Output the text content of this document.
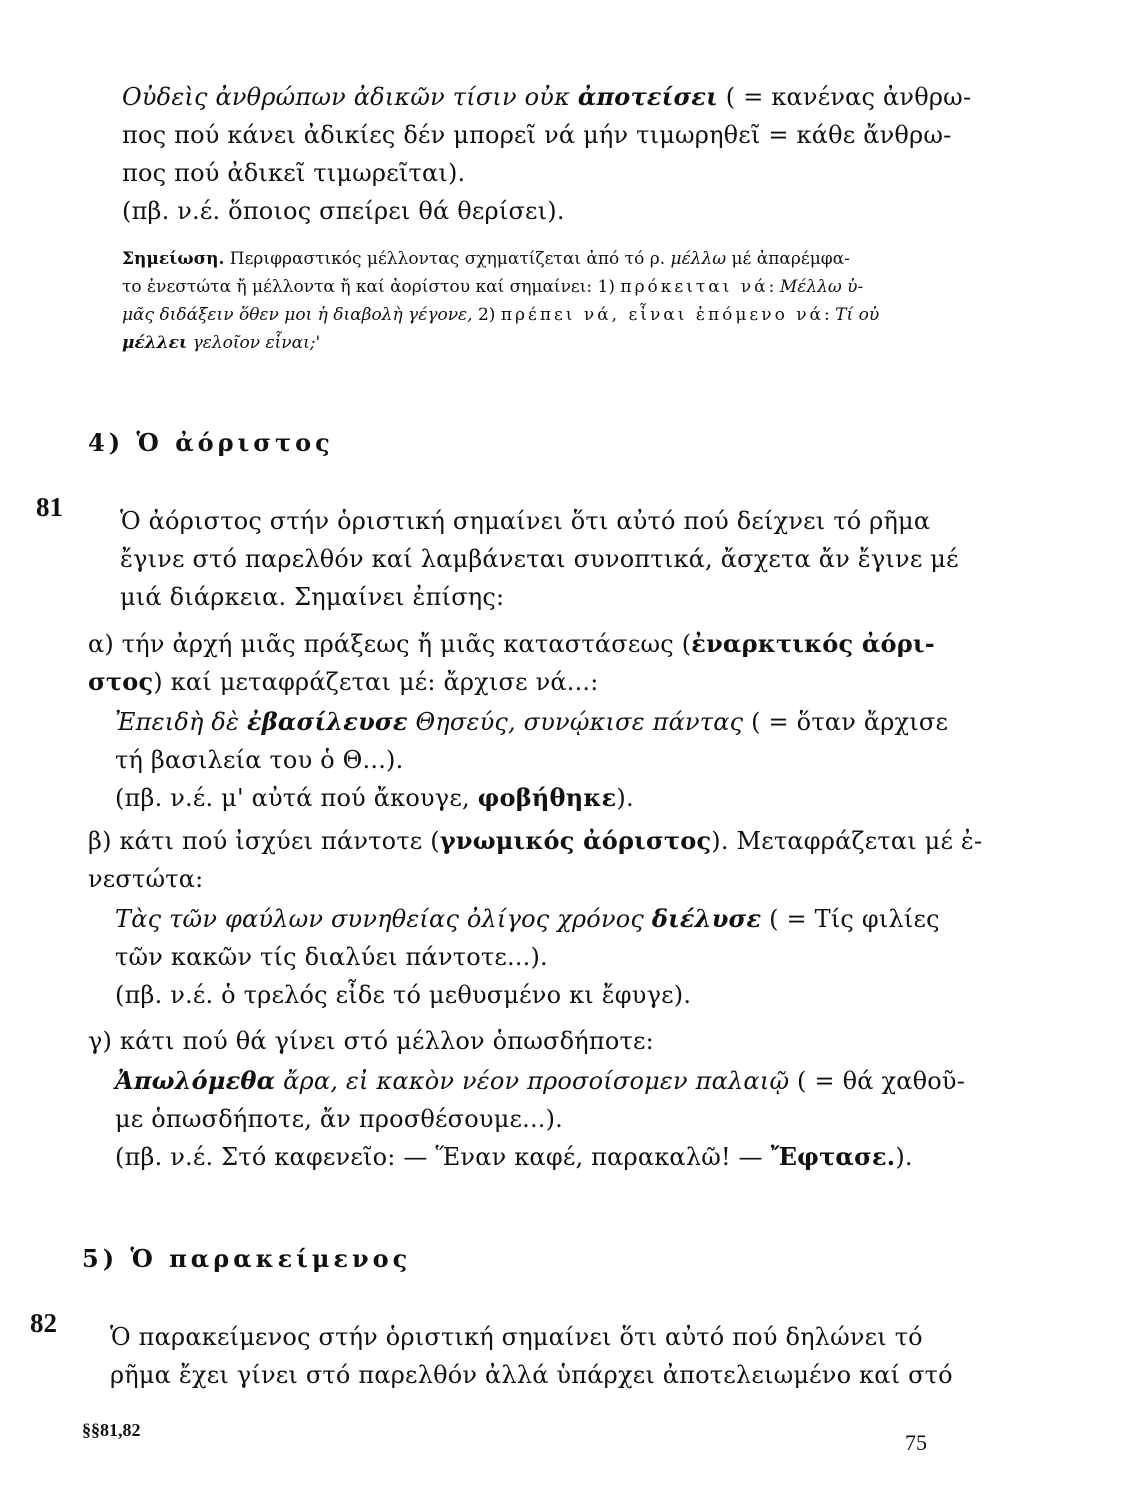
Οὐδεὶς ἀνθρώπων ἀδικῶν τίσιν οὐκ ἀποτείσει ( = κανένας ἀνθρω-
πος πού κάνει ἀδικίες δέν μπορεῖ νά μήν τιμωρηθεῖ = κάθε ἄνθρω-
πος πού ἀδικεῖ τιμωρεῖται).
(πβ. ν.έ. ὅποιος σπείρει θά θερίσει).
Σημείωση. Περιφραστικός μέλλοντας σχηματίζεται ἀπό τό ρ. μέλλω μέ ἀπαρέμφα-
το ἐνεστώτα ἤ μέλλοντα ἤ καί ἀορίστου καί σημαίνει: 1) πρόκειται νά: Μέλλω ὑ-
μᾶς διδάξειν ὅθεν μοι ἡ διαβολὴ γέγονε, 2) πρέπει νά, εἶναι ἑπόμενο νά: Τί οὐ
μέλλει γελοῖον εἶναι;'
4) Ὁ ἀόριστος
81 Ὁ ἀόριστος στήν ὁριστική σημαίνει ὅτι αὐτό πού δείχνει τό ρῆμα
ἔγινε στό παρελθόν καί λαμβάνεται συνοπτικά, ἄσχετα ἄν ἔγινε μέ
μιά διάρκεια. Σημαίνει ἐπίσης:
α) τήν ἀρχή μιᾶς πράξεως ἤ μιᾶς καταστάσεως (ἐναρκτικός ἀόρι-
στος) καί μεταφράζεται μέ: ἄρχισε νά...:
Ἐπειδὴ δὲ ἐβασίλευσε Θησεύς, συνῴκισε πάντας ( = ὅταν ἄρχισε
τή βασιλεία του ὁ Θ...).
(πβ. ν.έ. μ' αὐτά πού ἄκουγε, φοβήθηκε).
β) κάτι πού ἰσχύει πάντοτε (γνωμικός ἀόριστος). Μεταφράζεται μέ ἐ-
νεστώτα:
Τὰς τῶν φαύλων συνηθείας ὀλίγος χρόνος διέλυσε ( = Τίς φιλίες
τῶν κακῶν τίς διαλύει πάντοτε...).
(πβ. ν.έ. ὁ τρελός εἶδε τό μεθυσμένο κι ἔφυγε).
γ) κάτι πού θά γίνει στό μέλλον ὁπωσδήποτε:
Ἀπωλόμεθα ἄρα, εἰ κακὸν νέον προσοίσομεν παλαιῷ ( = θά χαθοῦ-
με ὁπωσδήποτε, ἄν προσθέσουμε...).
(πβ. ν.έ. Στό καφενεῖο: — Ἕναν καφέ, παρακαλῶ! — Ἔφτασε.).
5) Ὁ παρακείμενος
82 Ὁ παρακείμενος στήν ὁριστική σημαίνει ὅτι αὐτό πού δηλώνει τό
ρῆμα ἔχει γίνει στό παρελθόν ἀλλά ὑπάρχει ἀποτελειωμένο καί στό
§§81,82	75
